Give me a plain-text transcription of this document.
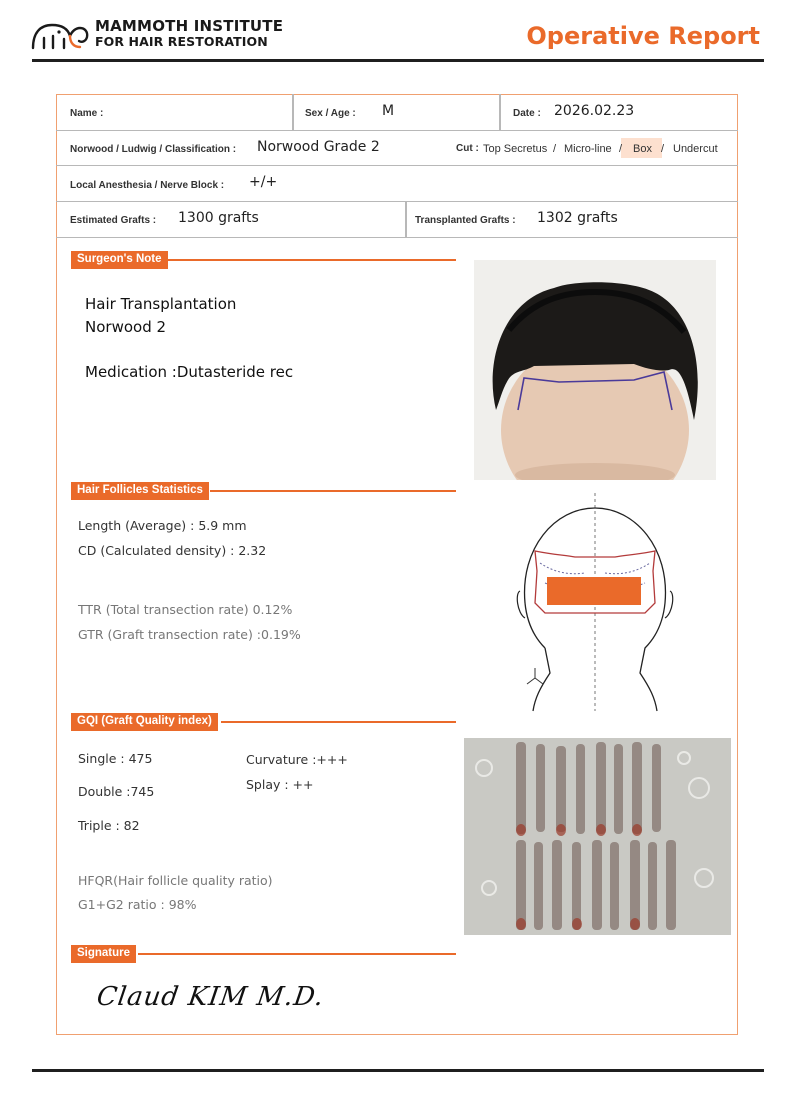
MAMMOTH INSTITUTE
FOR HAIR RESTORATION	Operative Report
Name :	Sex / Age : M	Date : 2026.02.23
Norwood / Ludwig / Classification : Norwood Grade 2	Cut : Top Secretus / Micro-line / Box / Undercut
Local Anesthesia / Nerve Block : +/+
Estimated Grafts : 1300 grafts	Transplanted Grafts : 1302 grafts
Surgeon's Note
Hair Transplantation
Norwood 2
Medication :Dutasteride rec
Hair Follicles Statistics
Length (Average) : 5.9 mm
CD (Calculated density) : 2.32
TTR (Total transection rate) 0.12%
GTR (Graft transection rate) :0.19%
GQI (Graft Quality index)
Single : 475
Double :745
Triple : 82
Curvature :+++
Splay : ++
HFQR(Hair follicle quality ratio)
G1+G2 ratio : 98%
Signature
Claud KIM M.D.
